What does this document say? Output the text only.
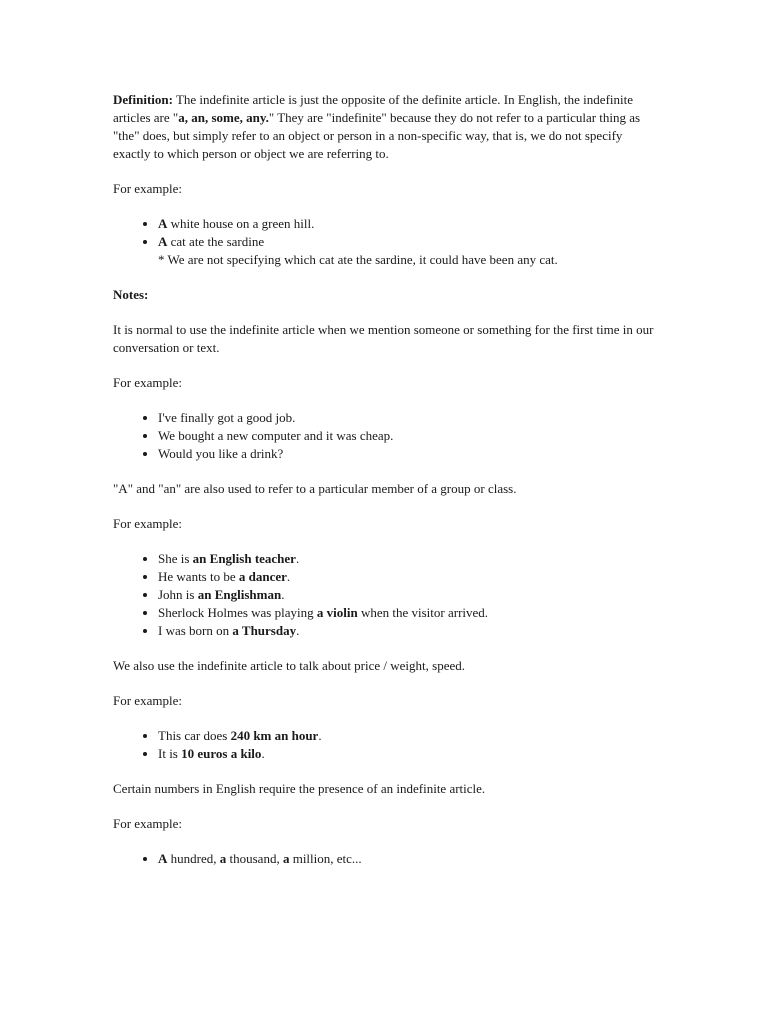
Definition: The indefinite article is just the opposite of the definite article. In English, the indefinite articles are "a, an, some, any." They are "indefinite" because they do not refer to a particular thing as "the" does, but simply refer to an object or person in a non-specific way, that is, we do not specify exactly to which person or object we are referring to.

For example:

• A white house on a green hill.
• A cat ate the sardine
* We are not specifying which cat ate the sardine, it could have been any cat.

Notes:

It is normal to use the indefinite article when we mention someone or something for the first time in our conversation or text.

For example:

• I've finally got a good job.
• We bought a new computer and it was cheap.
• Would you like a drink?

"A" and "an" are also used to refer to a particular member of a group or class.

For example:

• She is an English teacher.
• He wants to be a dancer.
• John is an Englishman.
• Sherlock Holmes was playing a violin when the visitor arrived.
• I was born on a Thursday.

We also use the indefinite article to talk about price / weight, speed.

For example:

• This car does 240 km an hour.
• It is 10 euros a kilo.

Certain numbers in English require the presence of an indefinite article.

For example:

• A hundred, a thousand, a million, etc...
